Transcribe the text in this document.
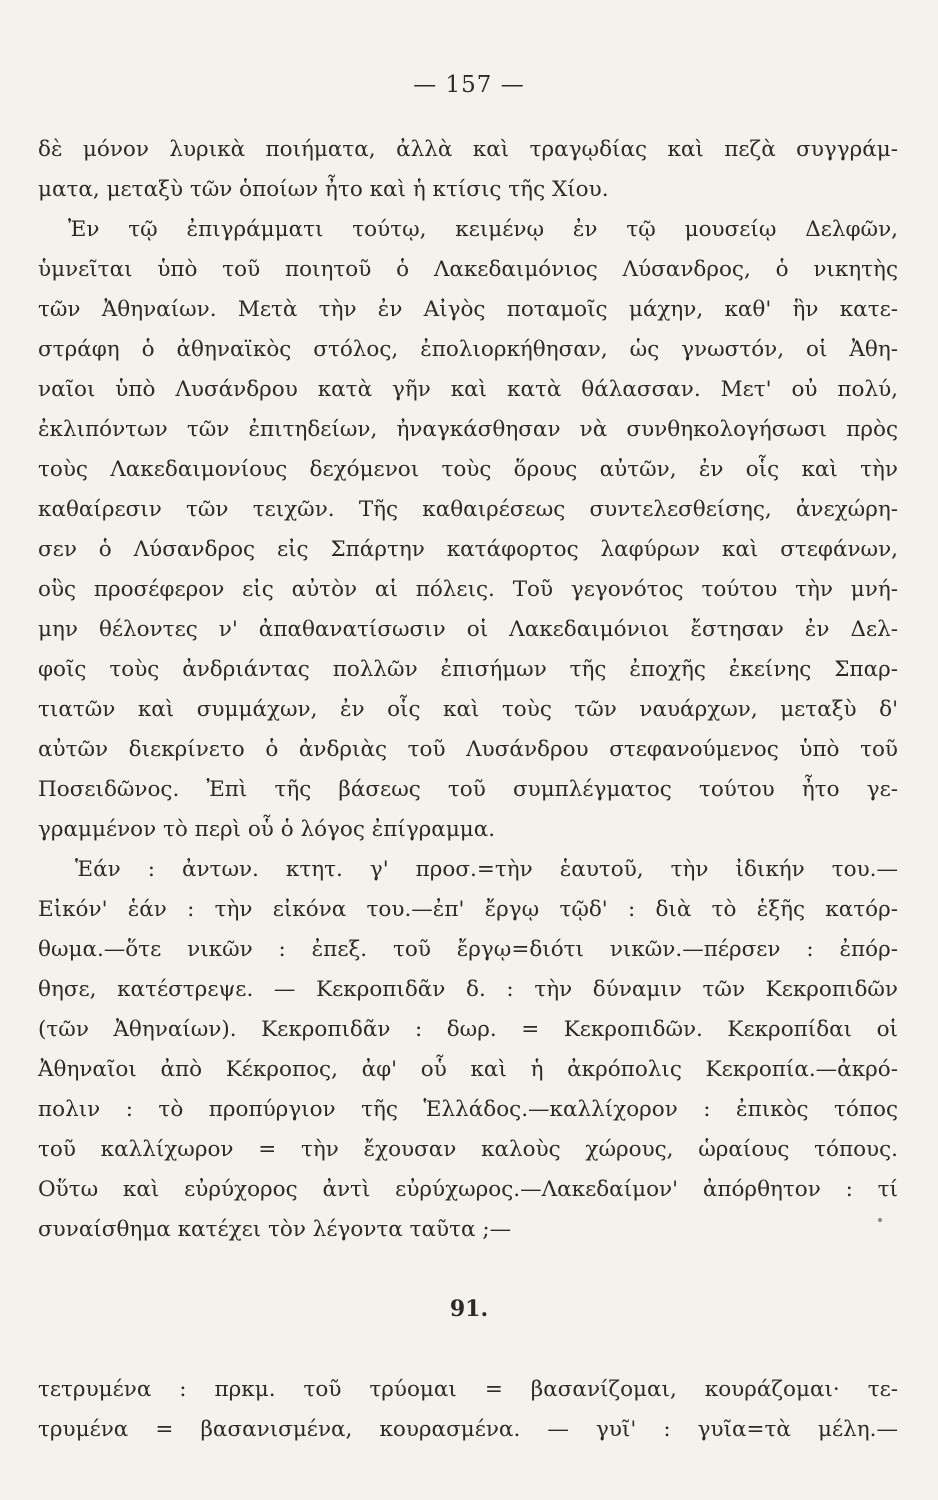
— 157 —
δὲ μόνον λυρικὰ ποιήματα, ἀλλὰ καὶ τραγῳδίας καὶ πεζὰ συγγράμ-
ματα, μεταξὺ τῶν ὁποίων ἦτο καὶ ἡ κτίσις τῆς Χίου.
Ἐν τῷ ἐπιγράμματι τούτῳ, κειμένῳ ἐν τῷ μουσείῳ Δελφῶν,
ὑμνεῖται ὑπὸ τοῦ ποιητοῦ ὁ Λακεδαιμόνιος Λύσανδρος, ὁ νικητὴς
τῶν Ἀθηναίων. Μετὰ τὴν ἐν Αἰγὸς ποταμοῖς μάχην, καθ' ἣν κατε-
στράφη ὁ ἀθηναϊκὸς στόλος, ἐπολιορκήθησαν, ὡς γνωστόν, οἱ Ἀθη-
ναῖοι ὑπὸ Λυσάνδρου κατὰ γῆν καὶ κατὰ θάλασσαν. Μετ' οὐ πολύ,
ἐκλιπόντων τῶν ἐπιτηδείων, ἠναγκάσθησαν νὰ συνθηκολογήσωσι πρὸς
τοὺς Λακεδαιμονίους δεχόμενοι τοὺς ὅρους αὐτῶν, ἐν οἷς καὶ τὴν
καθαίρεσιν τῶν τειχῶν. Τῆς καθαιρέσεως συντελεσθείσης, ἀνεχώρη-
σεν ὁ Λύσανδρος εἰς Σπάρτην κατάφορτος λαφύρων καὶ στεφάνων,
οὓς προσέφερον εἰς αὐτὸν αἱ πόλεις. Τοῦ γεγονότος τούτου τὴν μνή-
μην θέλοντες ν' ἀπαθανατίσωσιν οἱ Λακεδαιμόνιοι ἔστησαν ἐν Δελ-
φοῖς τοὺς ἀνδριάντας πολλῶν ἐπισήμων τῆς ἐποχῆς ἐκείνης Σπαρ-
τιατῶν καὶ συμμάχων, ἐν οἷς καὶ τοὺς τῶν ναυάρχων, μεταξὺ δ'
αὐτῶν διεκρίνετο ὁ ἀνδριὰς τοῦ Λυσάνδρου στεφανούμενος ὑπὸ τοῦ
Ποσειδῶνος. Ἐπὶ τῆς βάσεως τοῦ συμπλέγματος τούτου ἦτο γε-
γραμμένον τὸ περὶ οὗ ὁ λόγος ἐπίγραμμα.
Ἑάν : ἀντων. κτητ. γ' προσ.=τὴν ἑαυτοῦ, τὴν ἰδικήν του.—
Εἰκόν' ἑάν : τὴν εἰκόνα του.—ἐπ' ἔργῳ τῷδ' : διὰ τὸ ἑξῆς κατόρ-
θωμα.—ὅτε νικῶν : ἐπεξ. τοῦ ἔργῳ=διότι νικῶν.—πέρσεν : ἐπόρ-
θησε, κατέστρεψε. — Κεκροπιδᾶν δ. : τὴν δύναμιν τῶν Κεκροπιδῶν
(τῶν Ἀθηναίων). Κεκροπιδᾶν : δωρ. = Κεκροπιδῶν. Κεκροπίδαι οἱ
Ἀθηναῖοι ἀπὸ Κέκροπος, ἀφ' οὗ καὶ ἡ ἀκρόπολις Κεκροπία.—ἀκρό-
πολιν : τὸ προπύργιον τῆς Ἑλλάδος.—καλλίχορον : ἐπικὸς τόπος
τοῦ καλλίχωρον = τὴν ἔχουσαν καλοὺς χώρους, ὡραίους τόπους.
Οὕτω καὶ εὐρύχορος ἀντὶ εὐρύχωρος.—Λακεδαίμον' ἀπόρθητον : τί
συναίσθημα κατέχει τὸν λέγοντα ταῦτα ;—
91.
τετρυμένα : πρκμ. τοῦ τρύομαι = βασανίζομαι, κουράζομαι· τε-
τρυμένα = βασανισμένα, κουρασμένα. — γυῖ' : γυῖα=τὰ μέλη.—
